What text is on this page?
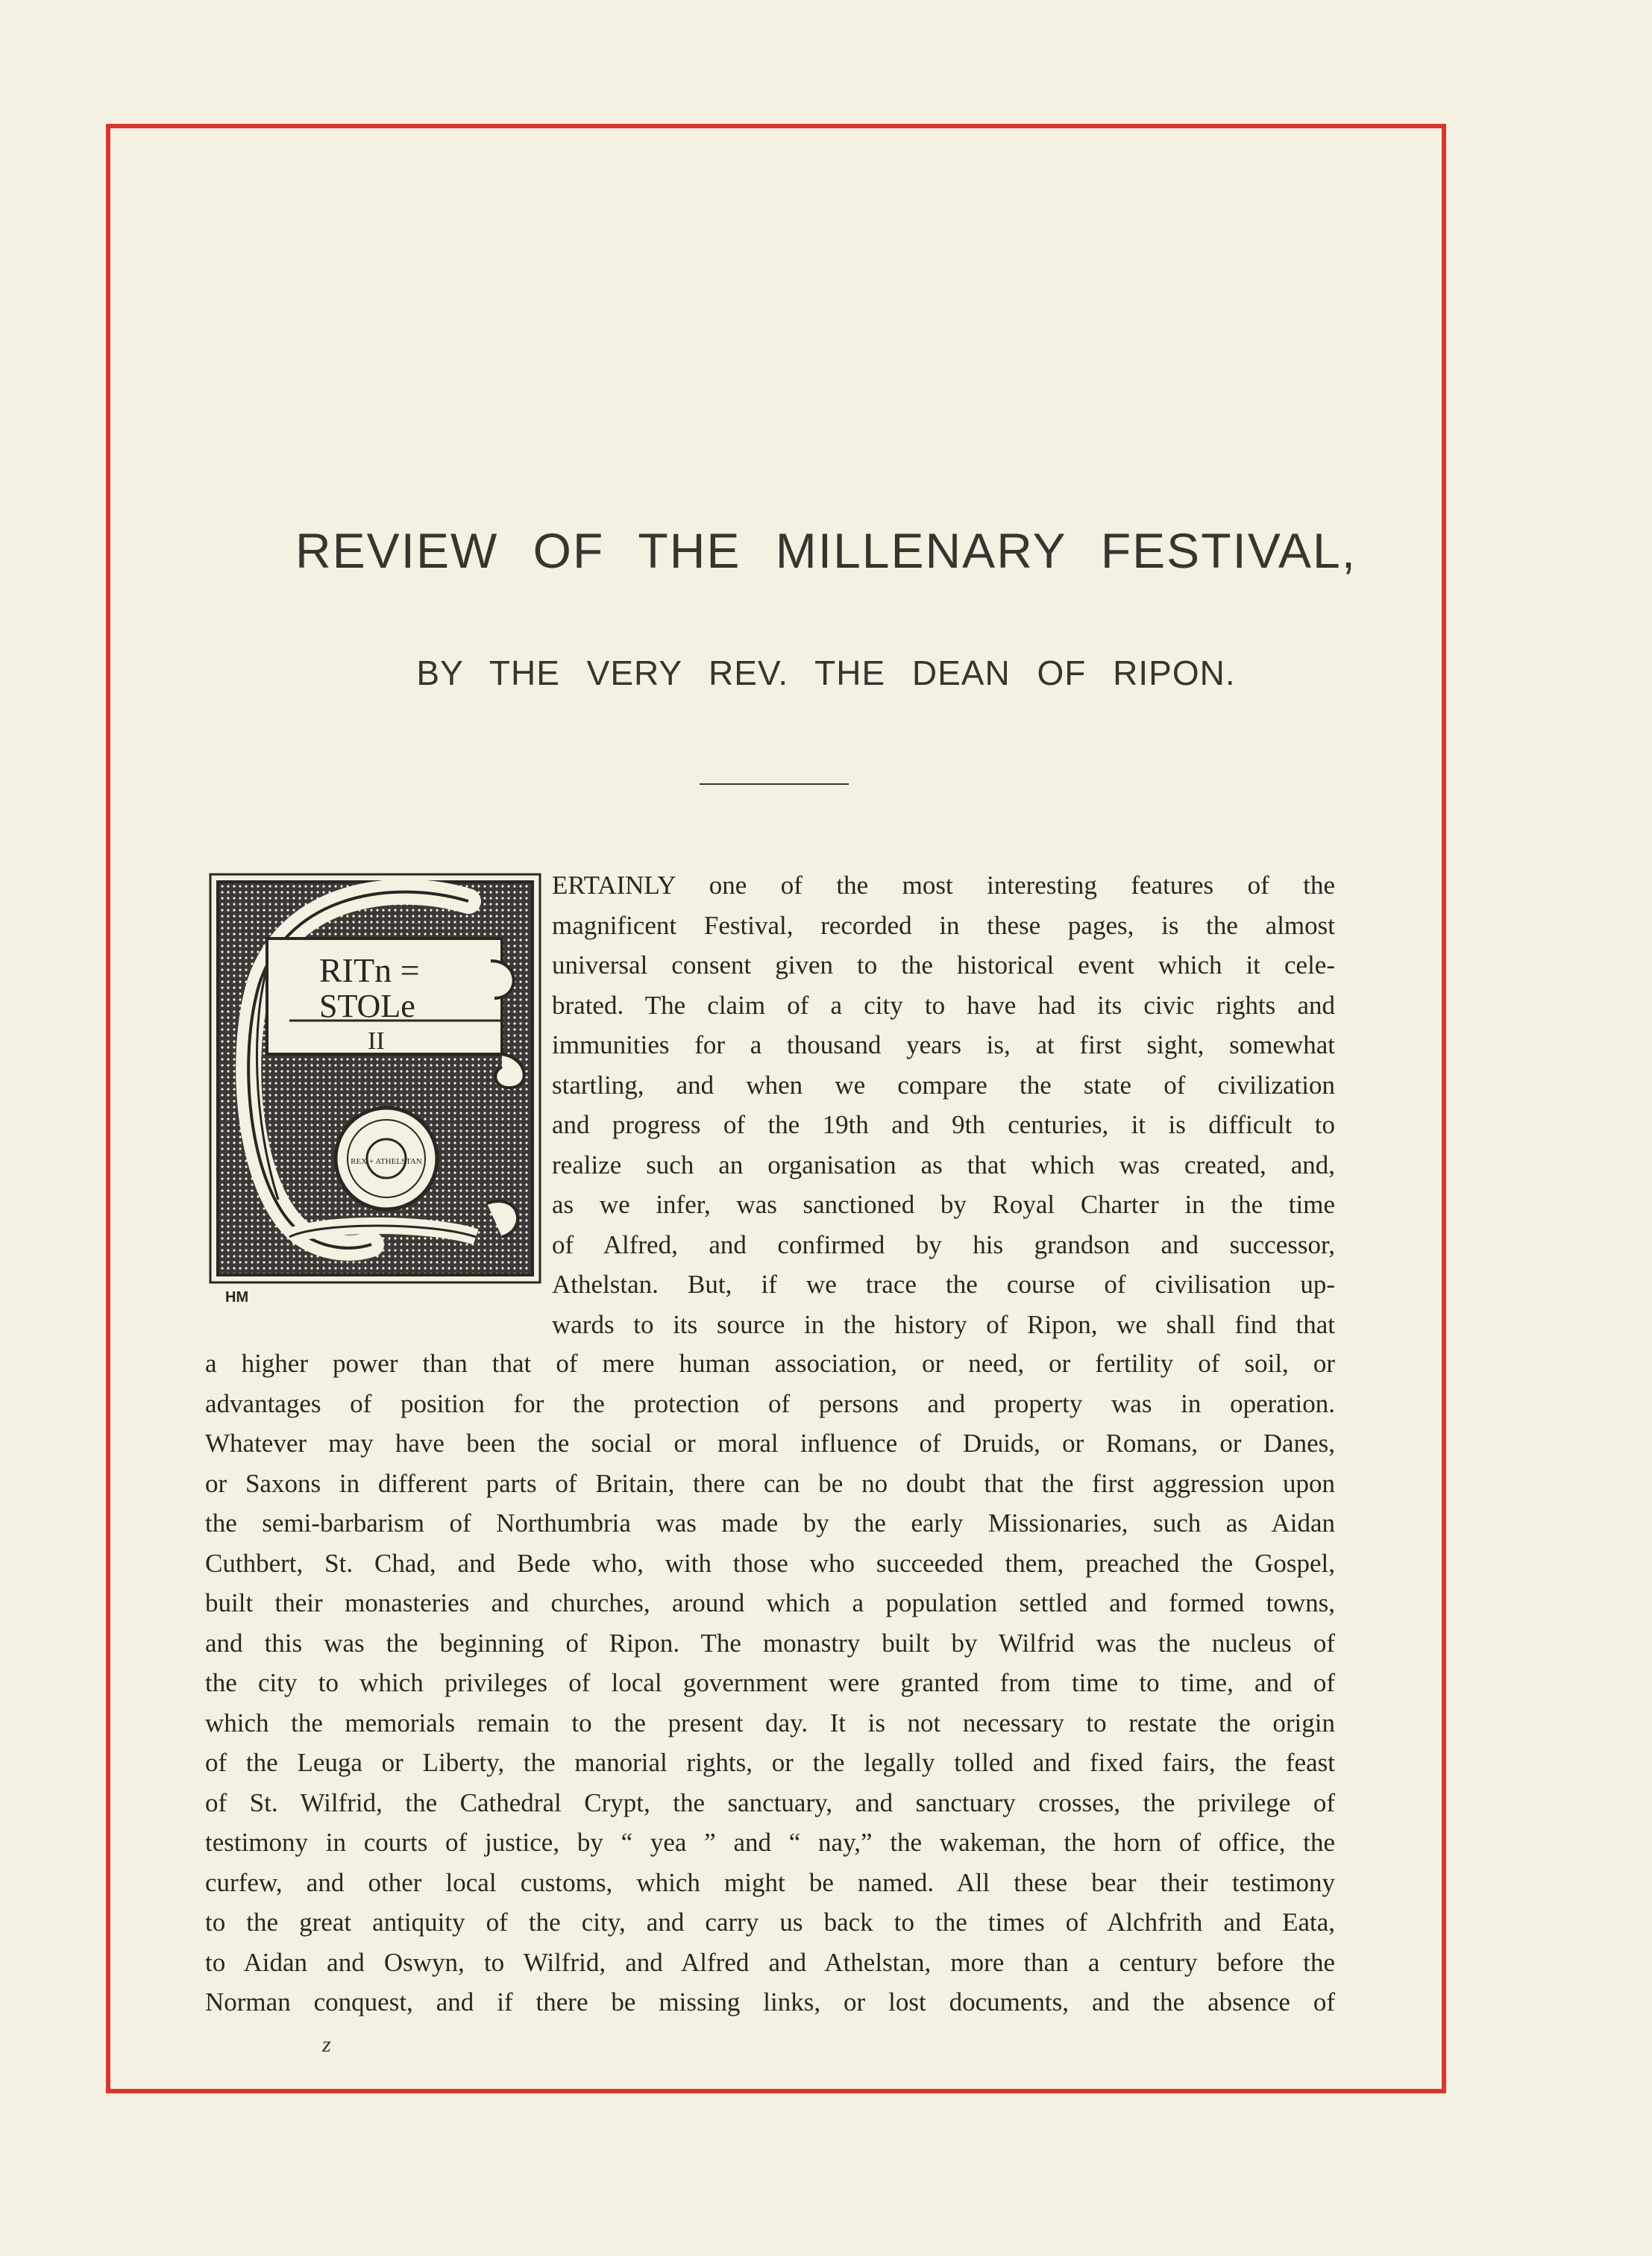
REVIEW OF THE MILLENARY FESTIVAL,
BY THE VERY REV. THE DEAN OF RIPON.
RITn =
STOLe
II
REX + ATHELSTAN
HM
ERTAINLY one of the most interesting features of the
magnificent Festival, recorded in these pages, is the almost
universal consent given to the historical event which it cele-
brated. The claim of a city to have had its civic rights and
immunities for a thousand years is, at first sight, somewhat
startling, and when we compare the state of civilization
and progress of the 19th and 9th centuries, it is difficult to
realize such an organisation as that which was created, and,
as we infer, was sanctioned by Royal Charter in the time
of Alfred, and confirmed by his grandson and successor,
Athelstan. But, if we trace the course of civilisation up-
wards to its source in the history of Ripon, we shall find that
a higher power than that of mere human association, or need, or fertility of soil, or
advantages of position for the protection of persons and property was in operation.
Whatever may have been the social or moral influence of Druids, or Romans, or Danes,
or Saxons in different parts of Britain, there can be no doubt that the first aggression upon
the semi-barbarism of Northumbria was made by the early Missionaries, such as Aidan
Cuthbert, St. Chad, and Bede who, with those who succeeded them, preached the Gospel,
built their monasteries and churches, around which a population settled and formed towns,
and this was the beginning of Ripon. The monastry built by Wilfrid was the nucleus of
the city to which privileges of local government were granted from time to time, and of
which the memorials remain to the present day. It is not necessary to restate the origin
of the Leuga or Liberty, the manorial rights, or the legally tolled and fixed fairs, the feast
of St. Wilfrid, the Cathedral Crypt, the sanctuary, and sanctuary crosses, the privilege of
testimony in courts of justice, by “ yea ” and “ nay,” the wakeman, the horn of office, the
curfew, and other local customs, which might be named. All these bear their testimony
to the great antiquity of the city, and carry us back to the times of Alchfrith and Eata,
to Aidan and Oswyn, to Wilfrid, and Alfred and Athelstan, more than a century before the
Norman conquest, and if there be missing links, or lost documents, and the absence of
z
